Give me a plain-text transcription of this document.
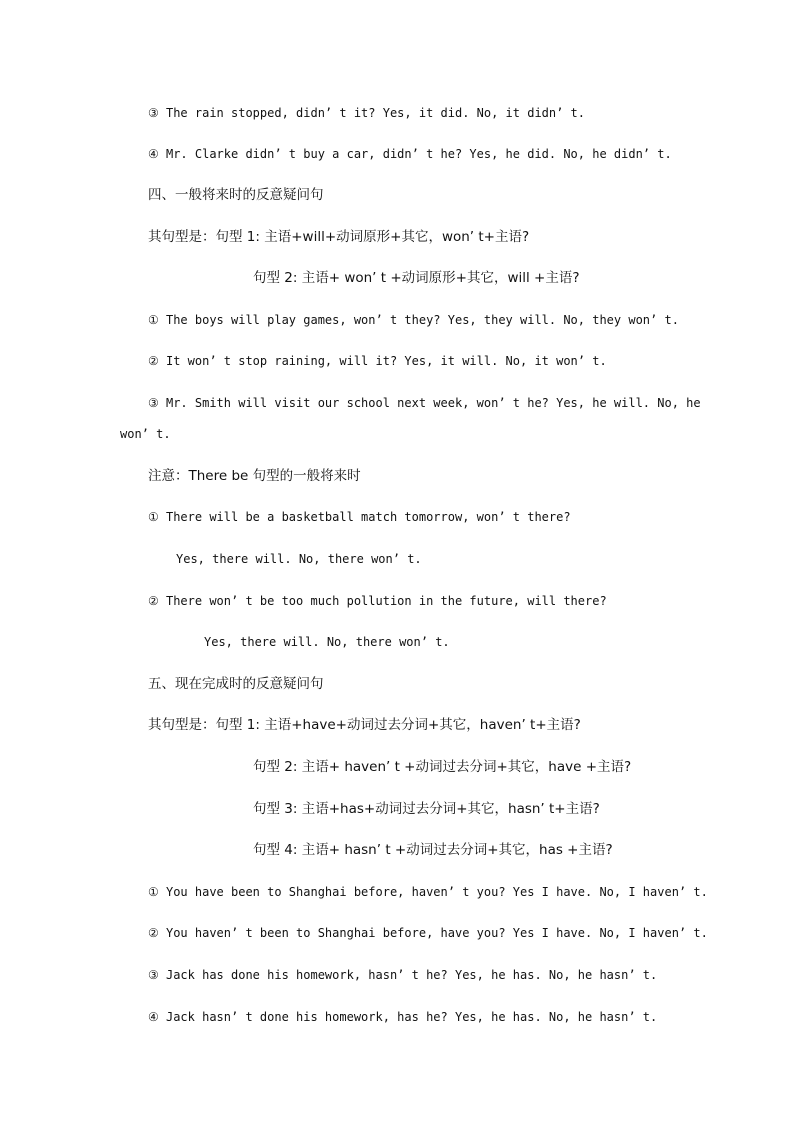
③ The rain stopped, didn’ t it? Yes, it did. No, it didn’ t.
④ Mr. Clarke didn’ t buy a car, didn’ t he? Yes, he did. No, he didn’ t.
四、一般将来时的反意疑问句
其句型是：句型 1: 主语+will+动词原形+其它，won’ t+主语?
句型 2: 主语+ won’ t +动词原形+其它，will +主语?
① The boys will play games, won’ t they? Yes, they will. No, they won’ t.
② It won’ t stop raining, will it? Yes, it will. No, it won’ t.
③ Mr. Smith will visit our school next week, won’ t he? Yes, he will. No, he
won’ t.
注意：There be 句型的一般将来时
① There will be a basketball match tomorrow, won’ t there?
Yes, there will. No, there won’ t.
② There won’ t be too much pollution in the future, will there?
Yes, there will. No, there won’ t.
五、现在完成时的反意疑问句
其句型是：句型 1: 主语+have+动词过去分词+其它，haven’ t+主语?
句型 2: 主语+ haven’ t +动词过去分词+其它，have +主语?
句型 3: 主语+has+动词过去分词+其它，hasn’ t+主语?
句型 4: 主语+ hasn’ t +动词过去分词+其它，has +主语?
① You have been to Shanghai before, haven’ t you? Yes I have. No, I haven’ t.
② You haven’ t been to Shanghai before, have you? Yes I have. No, I haven’ t.
③ Jack has done his homework, hasn’ t he? Yes, he has. No, he hasn’ t.
④ Jack hasn’ t done his homework, has he? Yes, he has. No, he hasn’ t.
